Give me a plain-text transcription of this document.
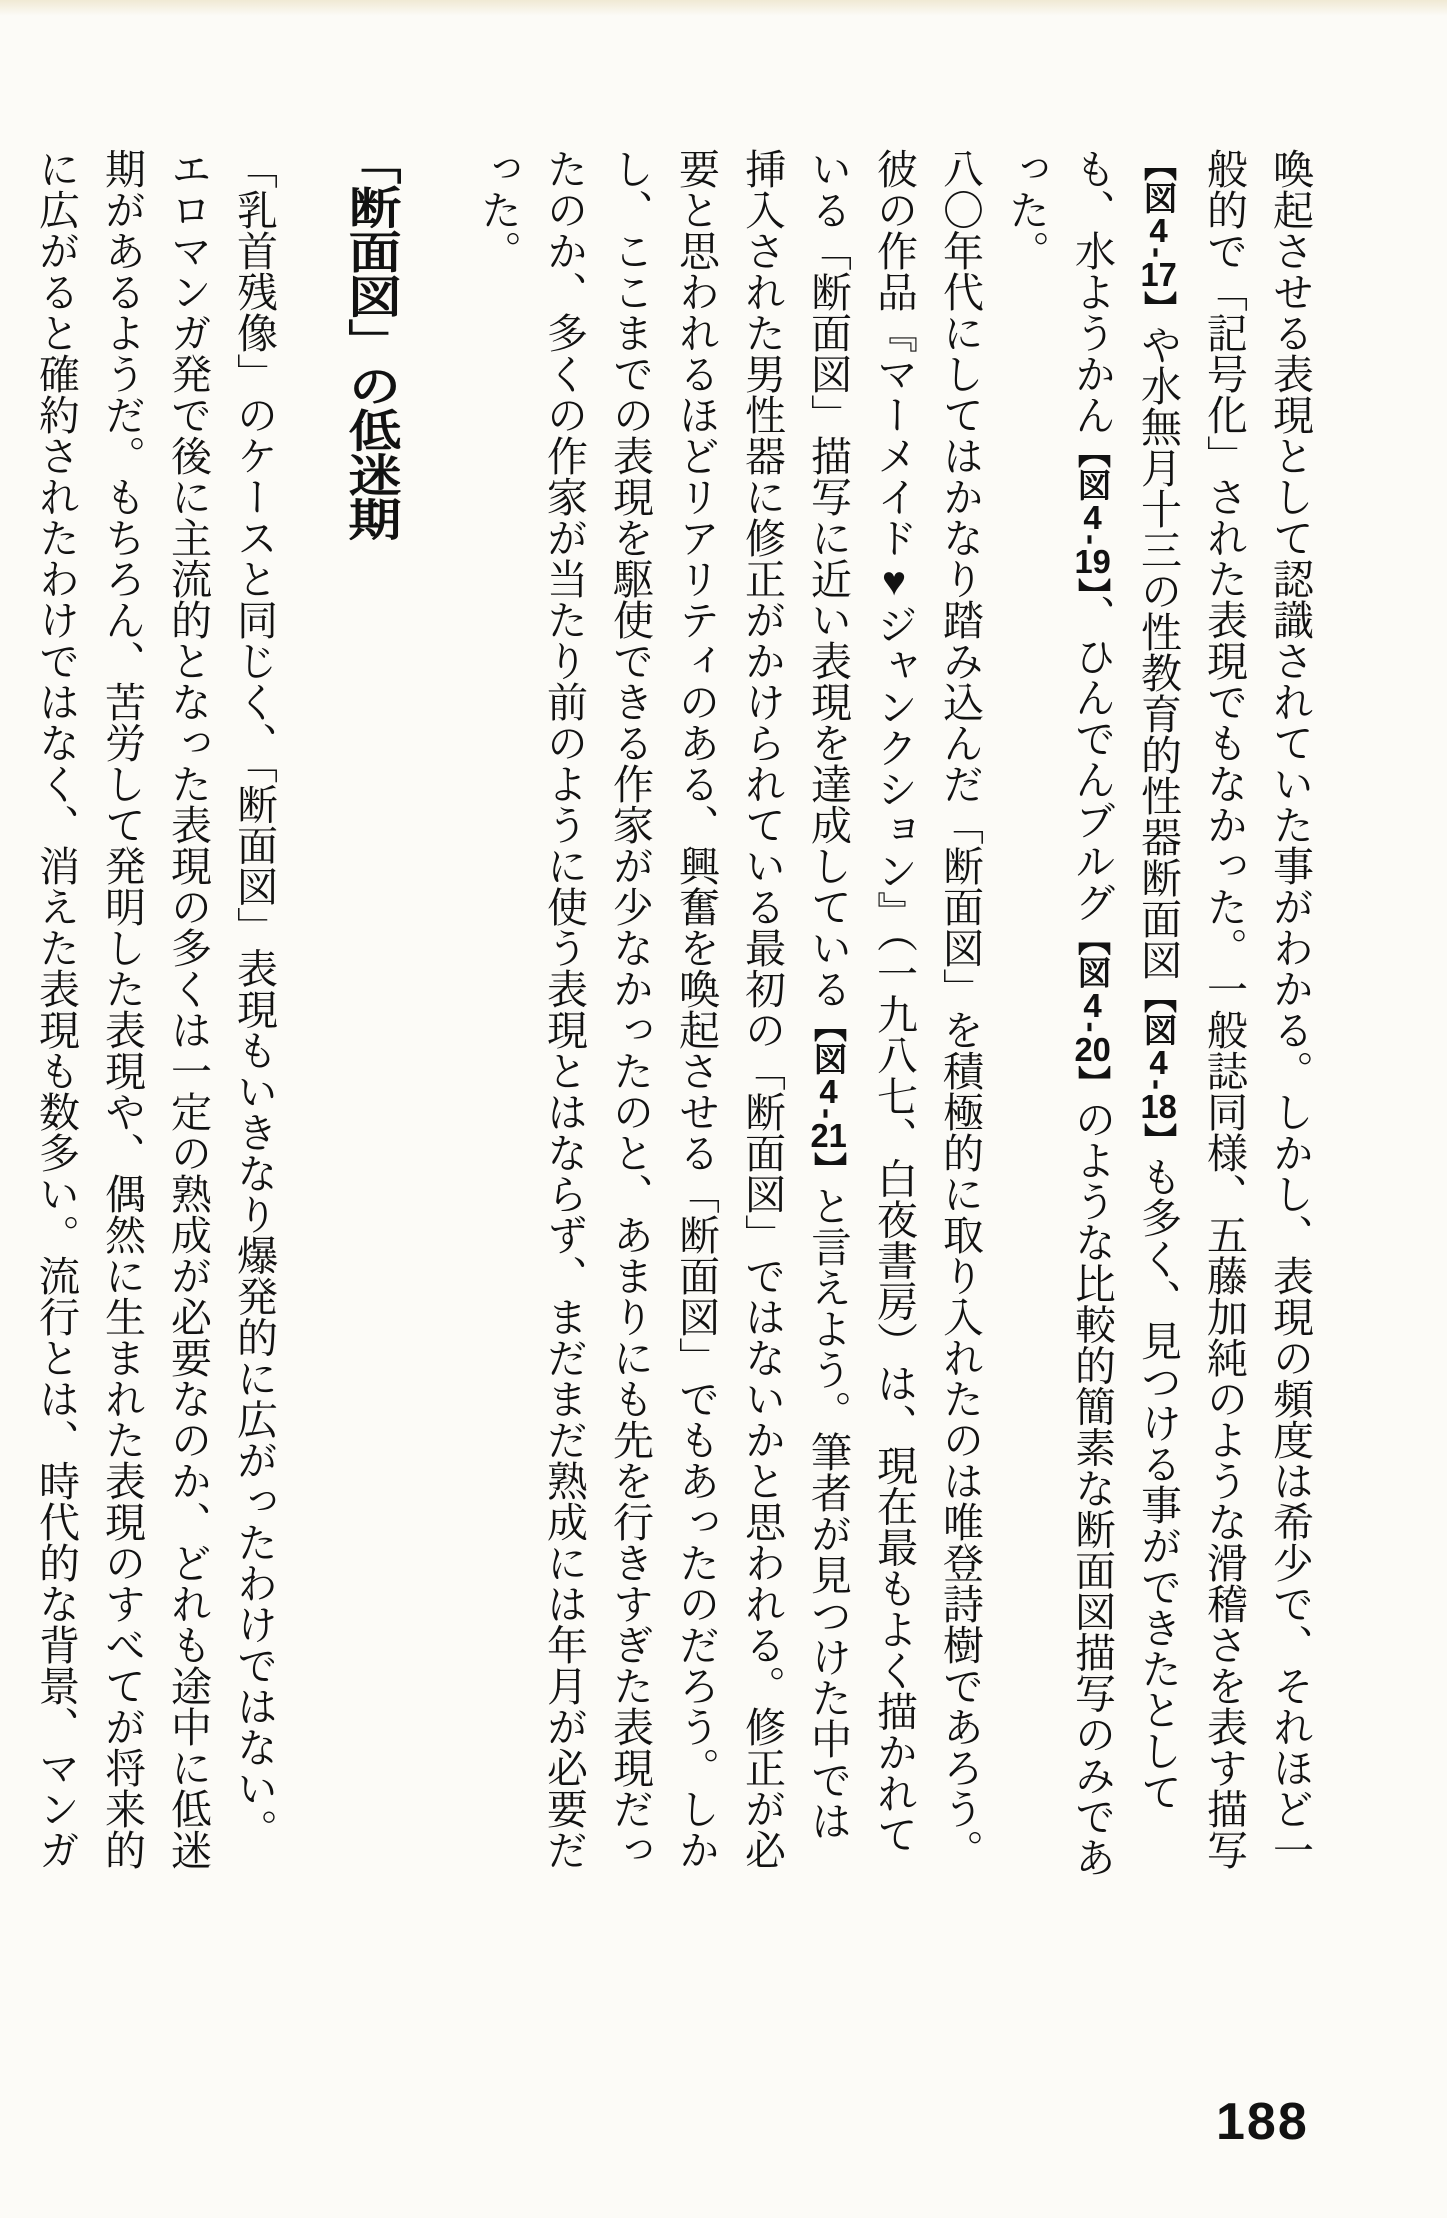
喚起させる表現として認識されていた事がわかる。しかし、表現の頻度は希少で、それほど一般的で「記号化」された表現でもなかった。一般誌同様、五藤加純のような滑稽さを表す描写【図4-17】や水無月十三の性教育的性器断面図【図4-18】も多く、見つける事ができたとしても、水ようかん【図4-19】、ひんでんブルグ【図4-20】のような比較的簡素な断面図描写のみであった。

八〇年代にしてはかなり踏み込んだ「断面図」を積極的に取り入れたのは唯登詩樹であろう。彼の作品『マーメイド♥ジャンクション』（一九八七、白夜書房）は、現在最もよく描かれている「断面図」描写に近い表現を達成している【図4-21】と言えよう。筆者が見つけた中では挿入された男性器に修正がかけられている最初の「断面図」ではないかと思われる。修正が必要と思われるほどリアリティのある、興奮を喚起させる「断面図」でもあったのだろう。しかし、ここまでの表現を駆使できる作家が少なかったのと、あまりにも先を行きすぎた表現だったのか、多くの作家が当たり前のように使う表現とはならず、まだまだ熟成には年月が必要だった。

「断面図」の低迷期

「乳首残像」のケースと同じく、「断面図」表現もいきなり爆発的に広がったわけではない。エロマンガ発で後に主流的となった表現の多くは一定の熟成が必要なのか、どれも途中に低迷期があるようだ。もちろん、苦労して発明した表現や、偶然に生まれた表現のすべてが将来的に広がると確約されたわけではなく、消えた表現も数多い。流行とは、時代的な背景、マンガ

188
